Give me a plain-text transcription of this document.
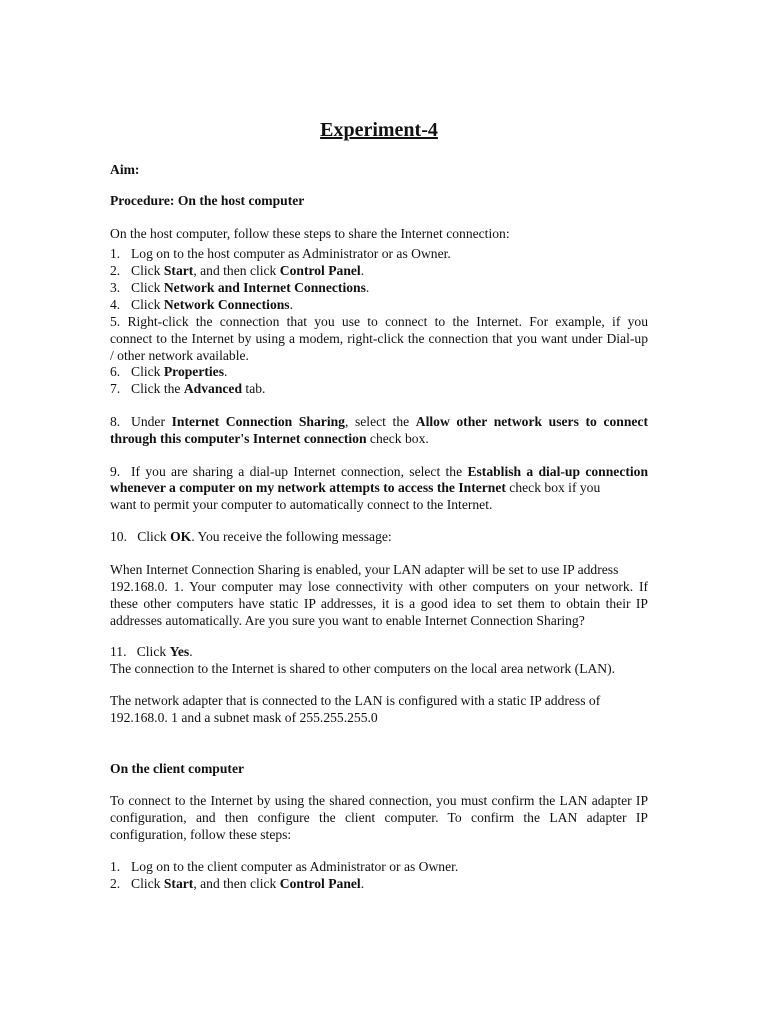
Experiment-4
Aim:
Procedure: On the host computer
On the host computer, follow these steps to share the Internet connection:
1. Log on to the host computer as Administrator or as Owner.
2. Click Start, and then click Control Panel.
3. Click Network and Internet Connections.
4. Click Network Connections.
5. Right-click the connection that you use to connect to the Internet. For example, if you
connect to the Internet by using a modem, right-click the connection that you want under Dial-up
/ other network available.
6. Click Properties.
7. Click the Advanced tab.
8. Under Internet Connection Sharing, select the Allow other network users to connect
through this computer's Internet connection check box.
9. If you are sharing a dial-up Internet connection, select the Establish a dial-up connection
whenever a computer on my network attempts to access the Internet check box if you
want to permit your computer to automatically connect to the Internet.
10. Click OK. You receive the following message:
When Internet Connection Sharing is enabled, your LAN adapter will be set to use IP address
192.168.0. 1. Your computer may lose connectivity with other computers on your network. If
these other computers have static IP addresses, it is a good idea to set them to obtain their IP
addresses automatically. Are you sure you want to enable Internet Connection Sharing?
11. Click Yes.
The connection to the Internet is shared to other computers on the local area network (LAN).
The network adapter that is connected to the LAN is configured with a static IP address of
192.168.0. 1 and a subnet mask of 255.255.255.0
On the client computer
To connect to the Internet by using the shared connection, you must confirm the LAN adapter IP
configuration, and then configure the client computer. To confirm the LAN adapter IP
configuration, follow these steps:
1. Log on to the client computer as Administrator or as Owner.
2. Click Start, and then click Control Panel.
